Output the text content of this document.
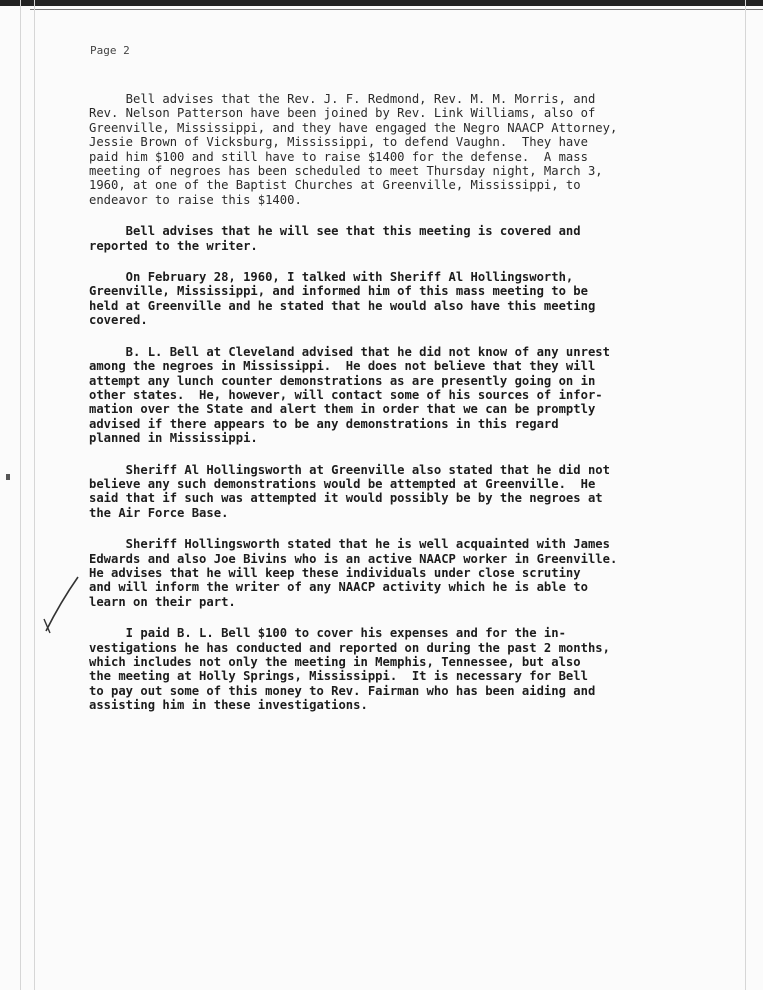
Page 2
Bell advises that the Rev. J. F. Redmond, Rev. M. M. Morris, and
Rev. Nelson Patterson have been joined by Rev. Link Williams, also of
Greenville, Mississippi, and they have engaged the Negro NAACP Attorney,
Jessie Brown of Vicksburg, Mississippi, to defend Vaughn.  They have
paid him $100 and still have to raise $1400 for the defense.  A mass
meeting of negroes has been scheduled to meet Thursday night, March 3,
1960, at one of the Baptist Churches at Greenville, Mississippi, to
endeavor to raise this $1400.
Bell advises that he will see that this meeting is covered and
reported to the writer.
On February 28, 1960, I talked with Sheriff Al Hollingsworth,
Greenville, Mississippi, and informed him of this mass meeting to be
held at Greenville and he stated that he would also have this meeting
covered.
B. L. Bell at Cleveland advised that he did not know of any unrest
among the negroes in Mississippi.  He does not believe that they will
attempt any lunch counter demonstrations as are presently going on in
other states.  He, however, will contact some of his sources of infor-
mation over the State and alert them in order that we can be promptly
advised if there appears to be any demonstrations in this regard
planned in Mississippi.
Sheriff Al Hollingsworth at Greenville also stated that he did not
believe any such demonstrations would be attempted at Greenville.  He
said that if such was attempted it would possibly be by the negroes at
the Air Force Base.
Sheriff Hollingsworth stated that he is well acquainted with James
Edwards and also Joe Bivins who is an active NAACP worker in Greenville.
He advises that he will keep these individuals under close scrutiny
and will inform the writer of any NAACP activity which he is able to
learn on their part.
I paid B. L. Bell $100 to cover his expenses and for the in-
vestigations he has conducted and reported on during the past 2 months,
which includes not only the meeting in Memphis, Tennessee, but also
the meeting at Holly Springs, Mississippi.  It is necessary for Bell
to pay out some of this money to Rev. Fairman who has been aiding and
assisting him in these investigations.
